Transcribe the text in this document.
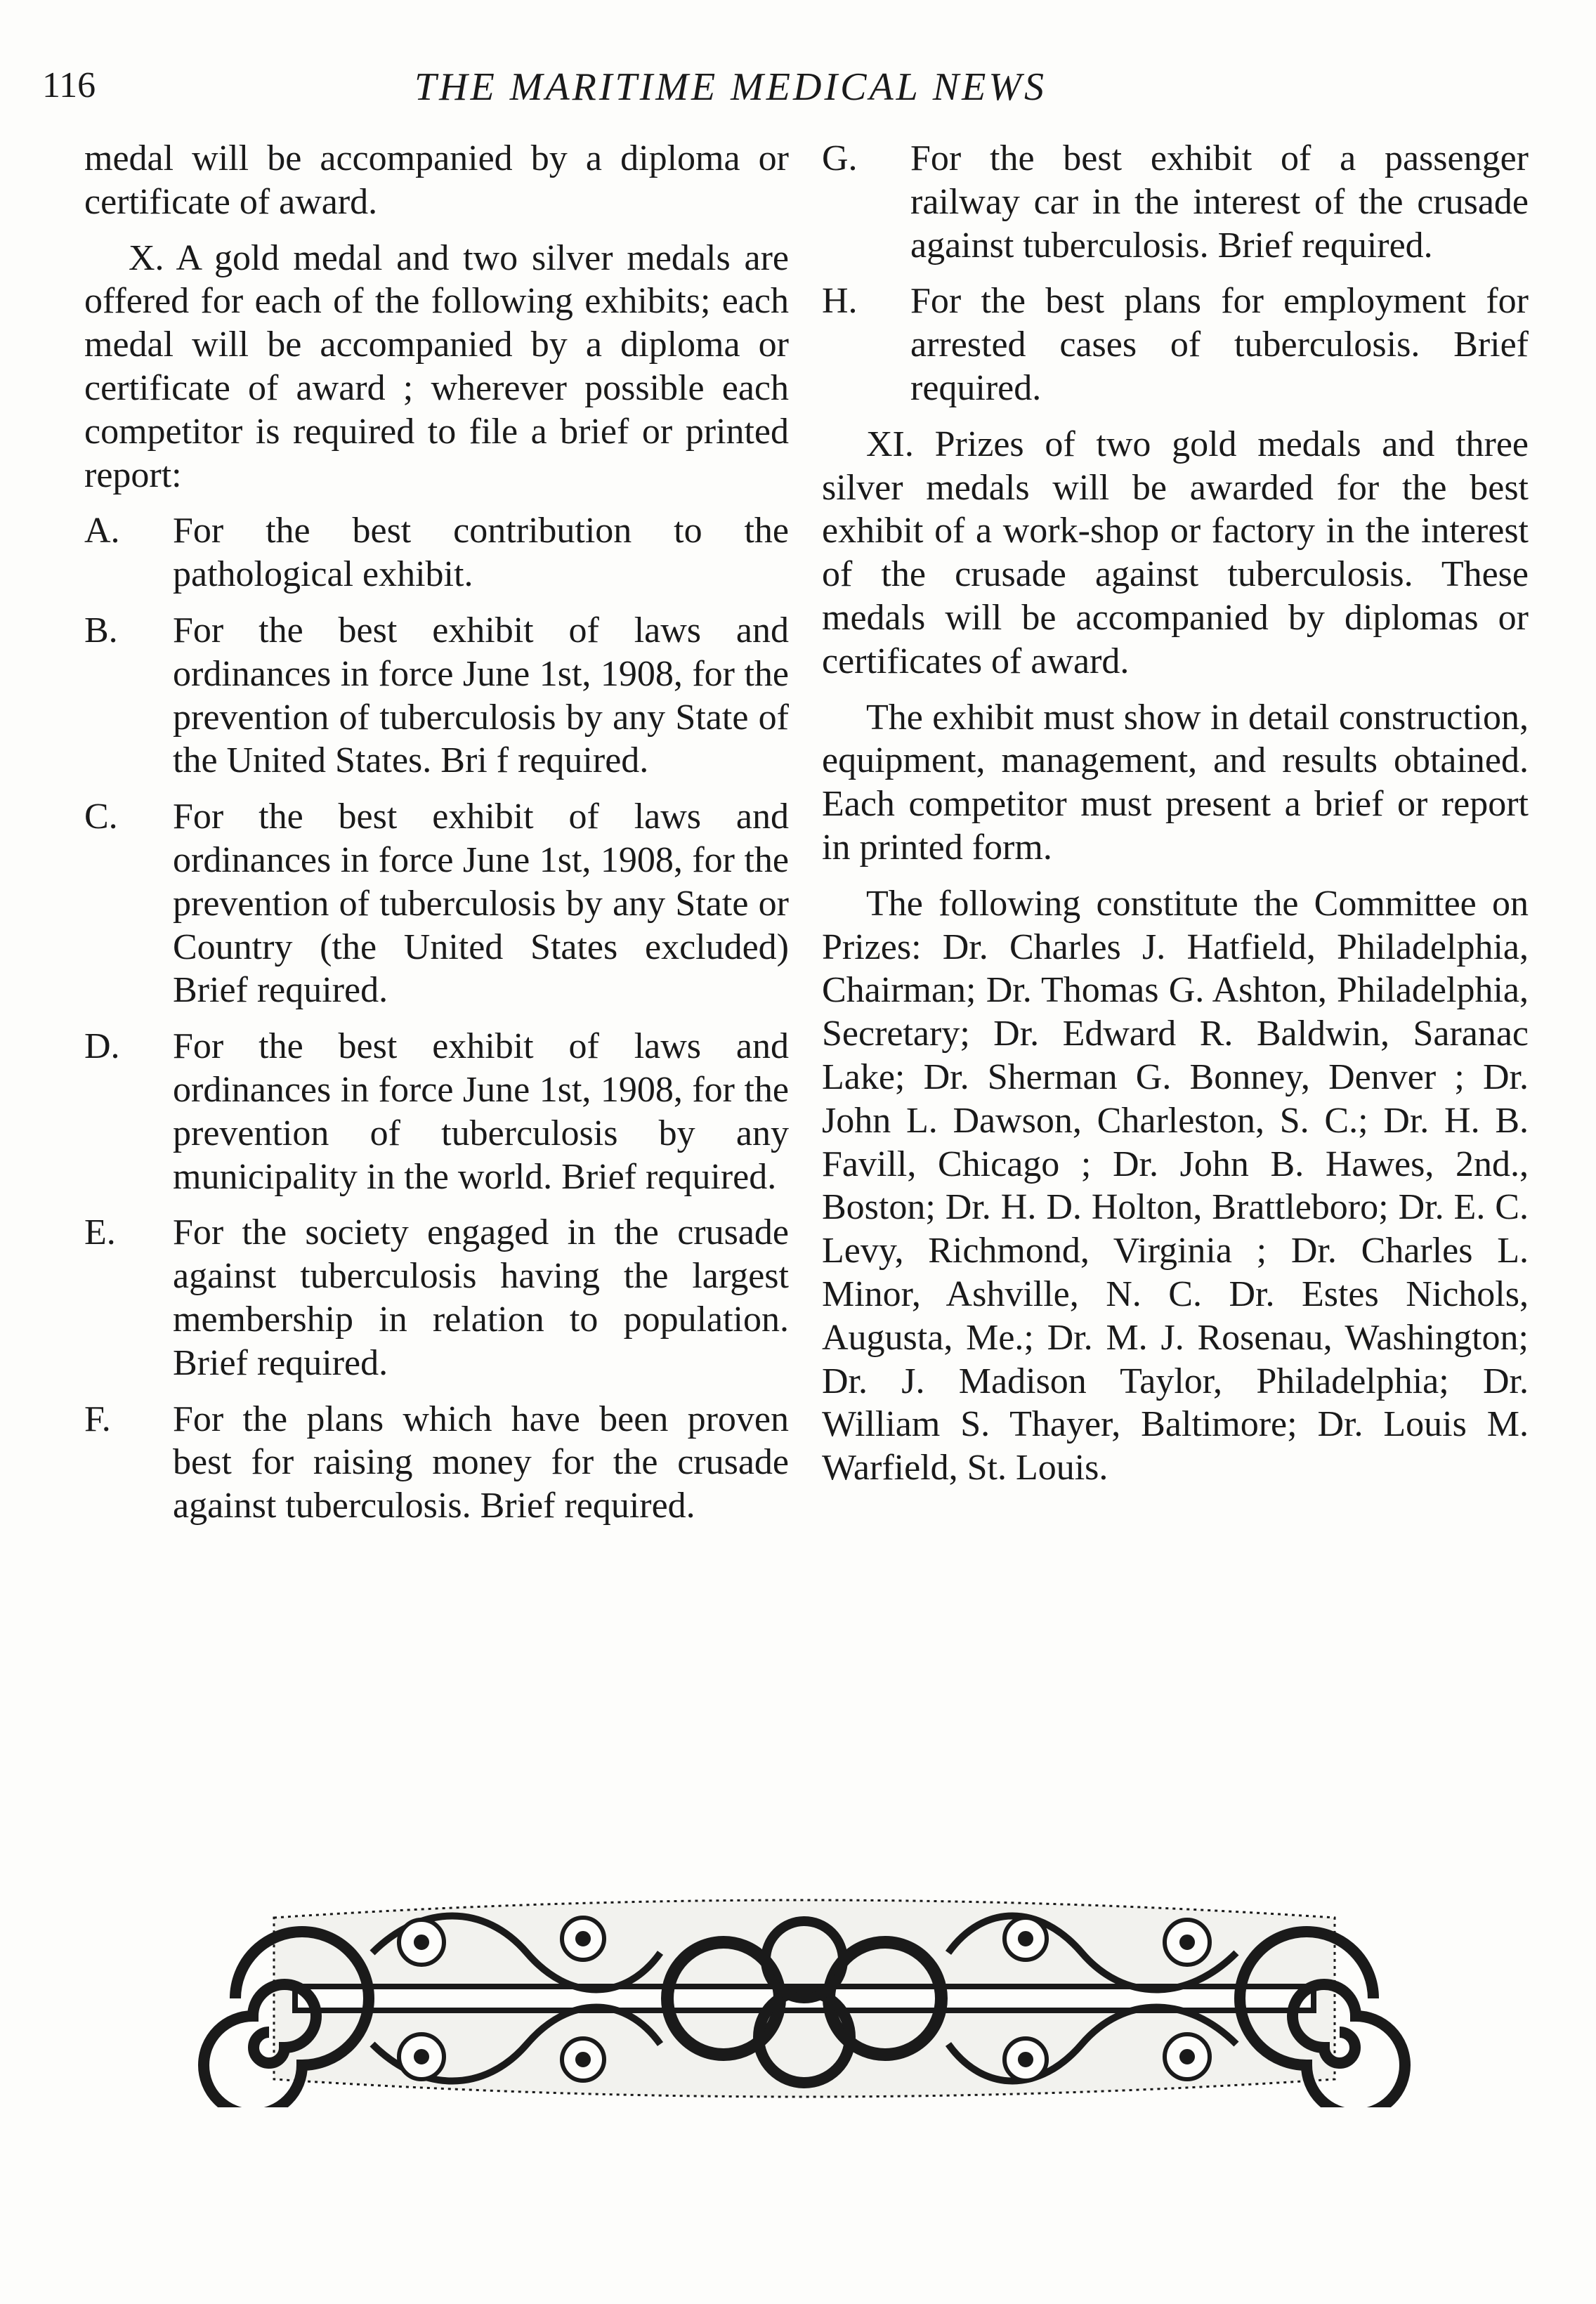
116	THE MARITIME MEDICAL NEWS

medal will be accompanied by a diploma or certificate of award.

X. A gold medal and two silver medals are offered for each of the following exhibits; each medal will be accompanied by a diploma or certificate of award ; wherever possible each competitor is required to file a brief or printed report:

A. For the best contribution to the pathological exhibit.

B. For the best exhibit of laws and ordinances in force June 1st, 1908, for the prevention of tuberculosis by any State of the United States. Bri f required.

C. For the best exhibit of laws and ordinances in force June 1st, 1908, for the prevention of tuberculosis by any State or Country (the United States excluded) Brief required.

D. For the best exhibit of laws and ordinances in force June 1st, 1908, for the prevention of tuberculosis by any municipality in the world. Brief required.

E. For the society engaged in the crusade against tuberculosis having the largest membership in relation to population. Brief required.

F. For the plans which have been proven best for raising money for the crusade against tuberculosis. Brief required.

G. For the best exhibit of a passenger railway car in the interest of the crusade against tuberculosis. Brief required.

H. For the best plans for employment for arrested cases of tuberculosis. Brief required.

XI. Prizes of two gold medals and three silver medals will be awarded for the best exhibit of a work-shop or factory in the interest of the crusade against tuberculosis. These medals will be accompanied by diplomas or certificates of award.

The exhibit must show in detail construction, equipment, management, and results obtained. Each competitor must present a brief or report in printed form.

The following constitute the Committee on Prizes: Dr. Charles J. Hatfield, Philadelphia, Chairman; Dr. Thomas G. Ashton, Philadelphia, Secretary; Dr. Edward R. Baldwin, Saranac Lake; Dr. Sherman G. Bonney, Denver ; Dr. John L. Dawson, Charleston, S. C.; Dr. H. B. Favill, Chicago ; Dr. John B. Hawes, 2nd., Boston; Dr. H. D. Holton, Brattleboro; Dr. E. C. Levy, Richmond, Virginia ; Dr. Charles L. Minor, Ashville, N. C. Dr. Estes Nichols, Augusta, Me.; Dr. M. J. Rosenau, Washington; Dr. J. Madison Taylor, Philadelphia; Dr. William S. Thayer, Baltimore; Dr. Louis M. Warfield, St. Louis.
